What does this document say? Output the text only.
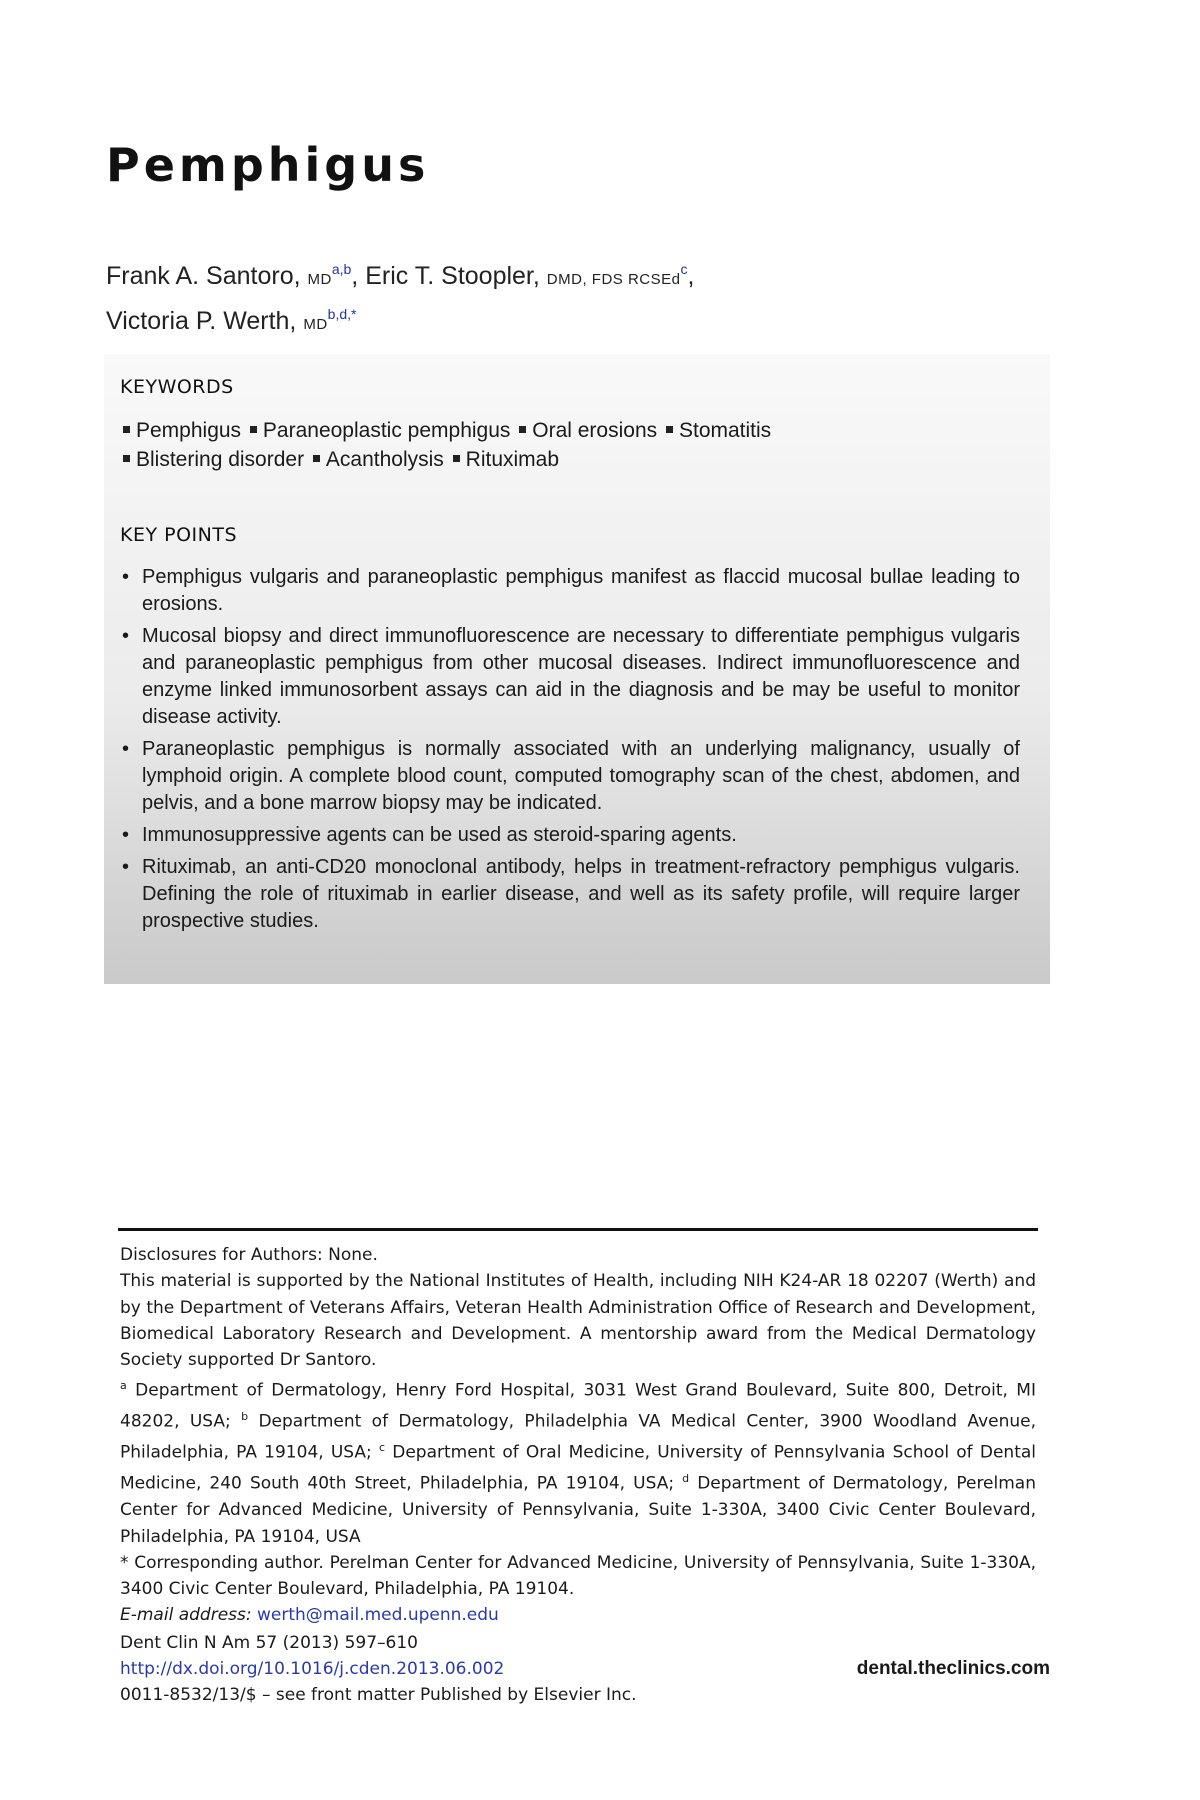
Pemphigus
Frank A. Santoro, MD$^{a,b}$, Eric T. Stoopler, DMD, FDS RCSEd$^c$,
Victoria P. Werth, MD$^{b,d,*}$
KEYWORDS
Pemphigus Paraneoplastic pemphigus Oral erosions Stomatitis
Blistering disorder Acantholysis Rituximab
KEY POINTS
• Pemphigus vulgaris and paraneoplastic pemphigus manifest as flaccid mucosal bullae leading to erosions.
• Mucosal biopsy and direct immunofluorescence are necessary to differentiate pemphigus vulgaris and paraneoplastic pemphigus from other mucosal diseases. Indirect immunofluorescence and enzyme linked immunosorbent assays can aid in the diagnosis and be may be useful to monitor disease activity.
• Paraneoplastic pemphigus is normally associated with an underlying malignancy, usually of lymphoid origin. A complete blood count, computed tomography scan of the chest, abdomen, and pelvis, and a bone marrow biopsy may be indicated.
• Immunosuppressive agents can be used as steroid-sparing agents.
• Rituximab, an anti-CD20 monoclonal antibody, helps in treatment-refractory pemphigus vulgaris. Defining the role of rituximab in earlier disease, and well as its safety profile, will require larger prospective studies.

Disclosures for Authors: None.

This material is supported by the National Institutes of Health, including NIH K24-AR 18 02207 (Werth) and by the Department of Veterans Affairs, Veteran Health Administration Office of Research and Development, Biomedical Laboratory Research and Development. A mentorship award from the Medical Dermatology Society supported Dr Santoro.

$^a$ Department of Dermatology, Henry Ford Hospital, 3031 West Grand Boulevard, Suite 800, Detroit, MI 48202, USA; $^b$ Department of Dermatology, Philadelphia VA Medical Center, 3900 Woodland Avenue, Philadelphia, PA 19104, USA; $^c$ Department of Oral Medicine, University of Pennsylvania School of Dental Medicine, 240 South 40th Street, Philadelphia, PA 19104, USA; $^d$ Department of Dermatology, Perelman Center for Advanced Medicine, University of Pennsylvania, Suite 1-330A, 3400 Civic Center Boulevard, Philadelphia, PA 19104, USA

* Corresponding author. Perelman Center for Advanced Medicine, University of Pennsylvania, Suite 1-330A, 3400 Civic Center Boulevard, Philadelphia, PA 19104.

E-mail address: werth@mail.med.upenn.edu

Dent Clin N Am 57 (2013) 597–610

http://dx.doi.org/10.1016/j.cden.2013.06.002

0011-8532/13/$ – see front matter Published by Elsevier Inc.

dental.theclinics.com
